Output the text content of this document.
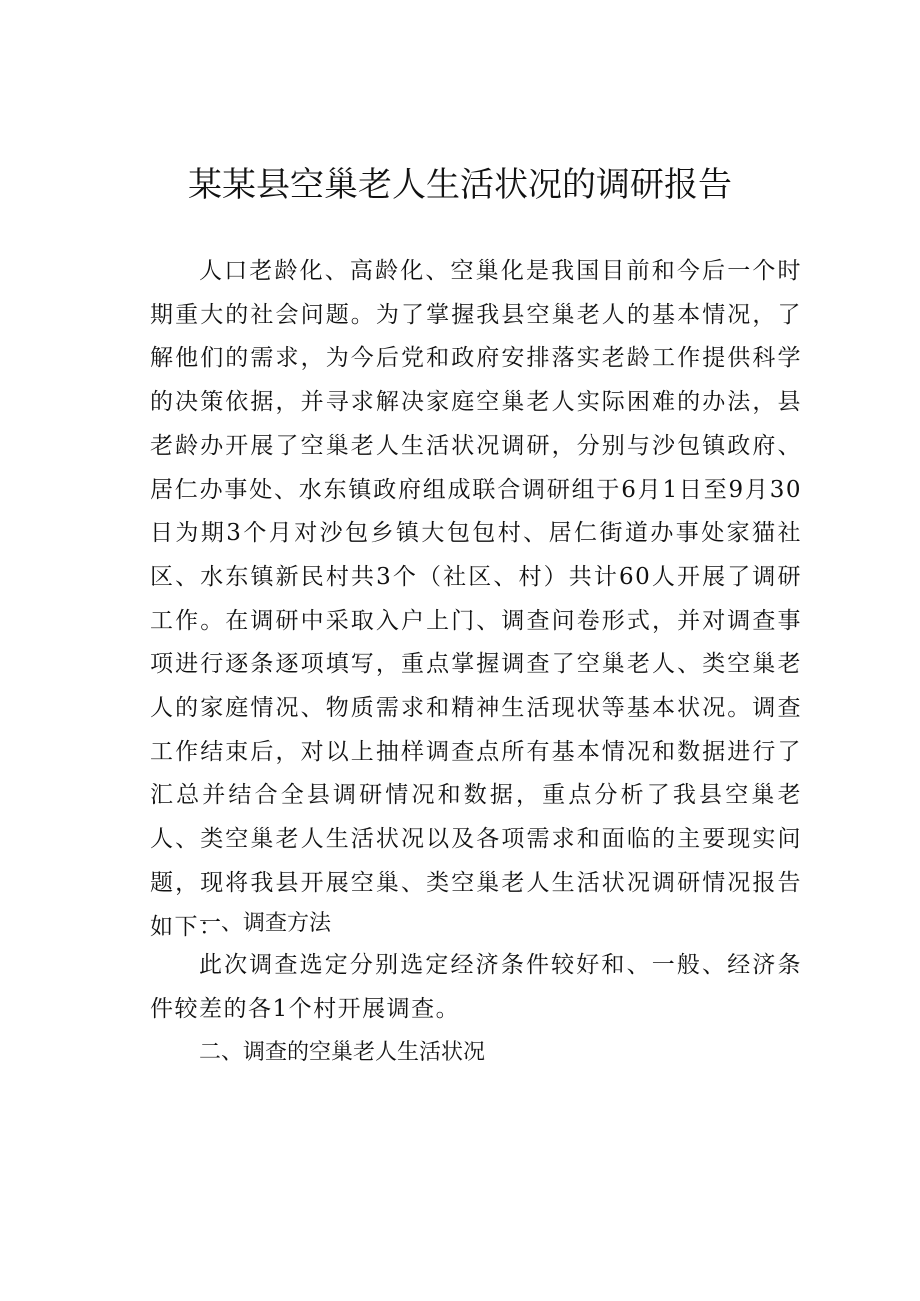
某某县空巢老人生活状况的调研报告

人口老龄化、高龄化、空巢化是我国目前和今后一个时期重大的社会问题。为了掌握我县空巢老人的基本情况，了解他们的需求，为今后党和政府安排落实老龄工作提供科学的决策依据，并寻求解决家庭空巢老人实际困难的办法，县老龄办开展了空巢老人生活状况调研，分别与沙包镇政府、居仁办事处、水东镇政府组成联合调研组于6月1日至9月30日为期3个月对沙包乡镇大包包村、居仁街道办事处家猫社区、水东镇新民村共3个（社区、村）共计60人开展了调研工作。在调研中采取入户上门、调查问卷形式，并对调查事项进行逐条逐项填写，重点掌握调查了空巢老人、类空巢老人的家庭情况、物质需求和精神生活现状等基本状况。调查工作结束后，对以上抽样调查点所有基本情况和数据进行了汇总并结合全县调研情况和数据，重点分析了我县空巢老人、类空巢老人生活状况以及各项需求和面临的主要现实问题，现将我县开展空巢、类空巢老人生活状况调研情况报告如下：

一、调查方法

此次调查选定分别选定经济条件较好和、一般、经济条件较差的各1个村开展调查。

二、调查的空巢老人生活状况
